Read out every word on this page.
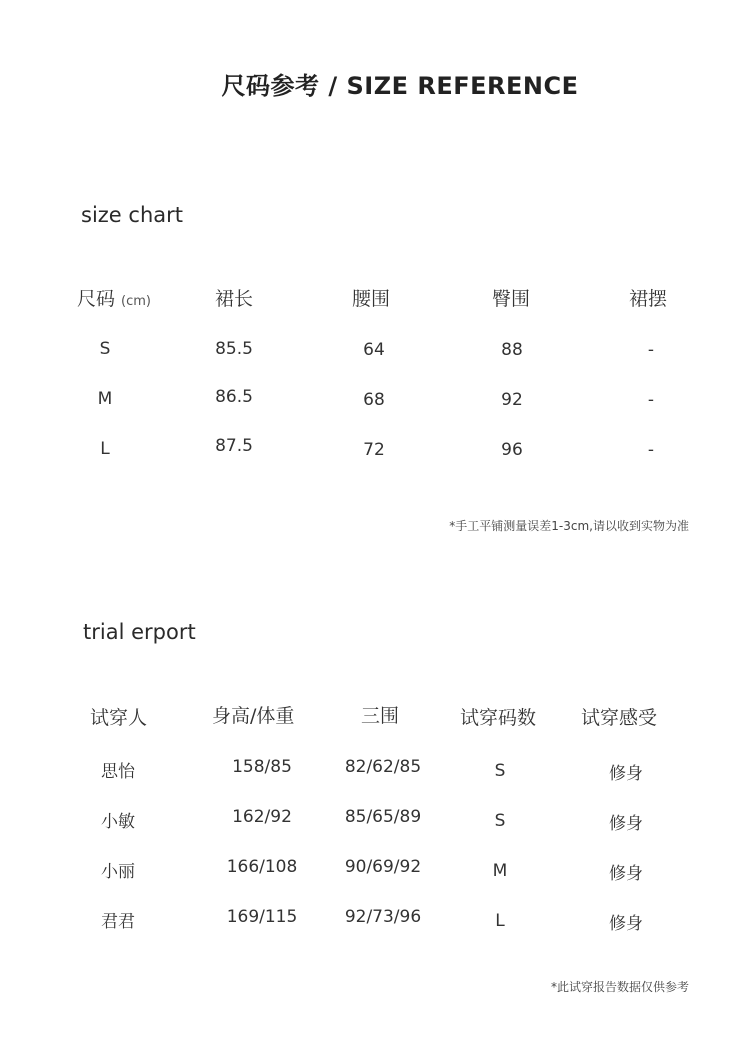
尺码参考 / SIZE REFERENCE
size chart
尺码 (cm)	裙长	腰围	臀围	裙摆
S	85.5	64	88	-
M	86.5	68	92	-
L	87.5	72	96	-
*手工平铺测量误差1-3cm,请以收到实物为准
trial erport
试穿人	身高/体重	三围	试穿码数 试穿感受
思怡	158/85	82/62/85	S	修身
小敏	162/92	85/65/89	S	修身
小丽	166/108	90/69/92	M	修身
君君	169/115	92/73/96	L	修身
*此试穿报告数据仅供参考
